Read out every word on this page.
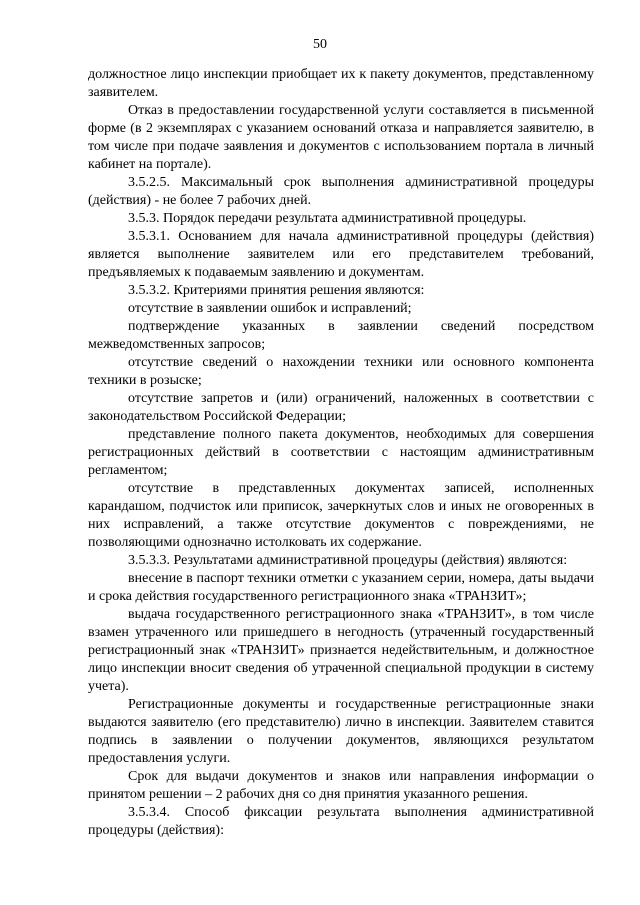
50

должностное лицо инспекции приобщает их к пакету документов, представленному заявителем.

Отказ в предоставлении государственной услуги составляется в письменной форме (в 2 экземплярах с указанием оснований отказа и направляется заявителю, в том числе при подаче заявления и документов с использованием портала в личный кабинет на портале).

3.5.2.5. Максимальный срок выполнения административной процедуры (действия) - не более 7 рабочих дней.

3.5.3. Порядок передачи результата административной процедуры.

3.5.3.1. Основанием для начала административной процедуры (действия) является выполнение заявителем или его представителем требований, предъявляемых к подаваемым заявлению и документам.

3.5.3.2. Критериями принятия решения являются:

отсутствие в заявлении ошибок и исправлений;

подтверждение указанных в заявлении сведений посредством межведомственных запросов;

отсутствие сведений о нахождении техники или основного компонента техники в розыске;

отсутствие запретов и (или) ограничений, наложенных в соответствии с законодательством Российской Федерации;

представление полного пакета документов, необходимых для совершения регистрационных действий в соответствии с настоящим административным регламентом;

отсутствие в представленных документах записей, исполненных карандашом, подчисток или приписок, зачеркнутых слов и иных не оговоренных в них исправлений, а также отсутствие документов с повреждениями, не позволяющими однозначно истолковать их содержание.

3.5.3.3. Результатами административной процедуры (действия) являются:

внесение в паспорт техники отметки с указанием серии, номера, даты выдачи и срока действия государственного регистрационного знака «ТРАНЗИТ»;

выдача государственного регистрационного знака «ТРАНЗИТ», в том числе взамен утраченного или пришедшего в негодность (утраченный государственный регистрационный знак «ТРАНЗИТ» признается недействительным, и должностное лицо инспекции вносит сведения об утраченной специальной продукции в систему учета).

Регистрационные документы и государственные регистрационные знаки выдаются заявителю (его представителю) лично в инспекции. Заявителем ставится подпись в заявлении о получении документов, являющихся результатом предоставления услуги.

Срок для выдачи документов и знаков или направления информации о принятом решении – 2 рабочих дня со дня принятия указанного решения.

3.5.3.4. Способ фиксации результата выполнения административной процедуры (действия):
